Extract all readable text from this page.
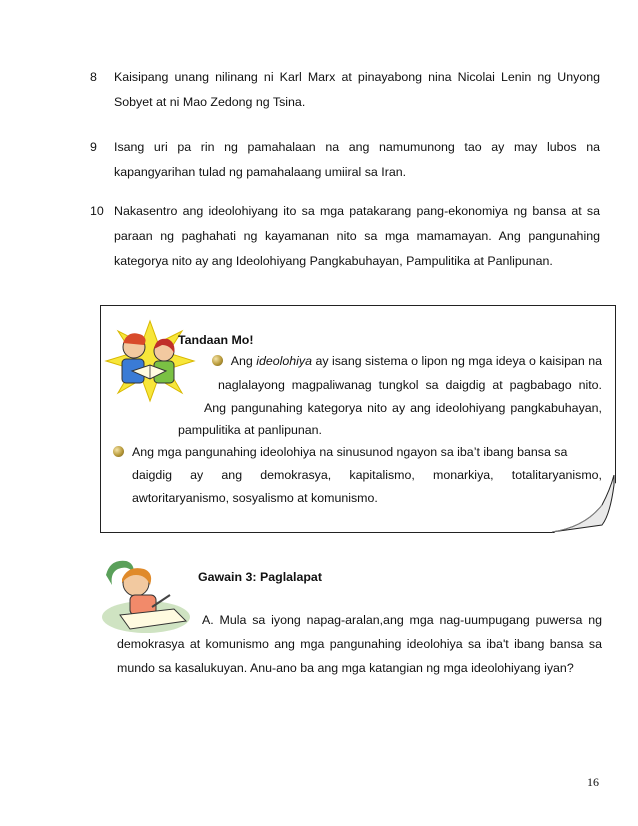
8	Kaisipang unang nilinang ni Karl Marx at pinayabong nina Nicolai Lenin ng Unyong
Sobyet at ni Mao Zedong ng Tsina.
9	Isang uri pa rin ng pamahalaan na ang namumunong tao ay may lubos na
kapangyarihan tulad ng pamahalaang umiiral sa Iran.
10 Nakasentro ang ideolohiyang ito sa mga patakarang pang-ekonomiya ng bansa at sa
paraan ng paghahati ng kayamanan nito sa mga mamamayan. Ang pangunahing
kategorya nito ay ang Ideolohiyang Pangkabuhayan, Pampulitika at Panlipunan.
Tandaan Mo!
Ang ideolohiya ay isang sistema o lipon ng mga ideya o kaisipan na
naglalayong magpaliwanag tungkol sa daigdig at pagbabago nito.
Ang pangunahing kategorya nito ay ang ideolohiyang pangkabuhayan,
pampulitika at panlipunan.
Ang mga pangunahing ideolohiya na sinusunod ngayon sa iba’t ibang bansa sa
daigdig ay ang demokrasya, kapitalismo, monarkiya, totalitaryanismo,
awtoritaryanismo, sosyalismo at komunismo.
Gawain 3: Paglalapat
A. Mula sa iyong napag-aralan,ang mga nag-uumpugang puwersa ng
demokrasya at komunismo ang mga pangunahing ideolohiya sa iba't ibang bansa sa
mundo sa kasalukuyan. Anu-ano ba ang mga katangian ng mga ideolohiyang iyan?
16
